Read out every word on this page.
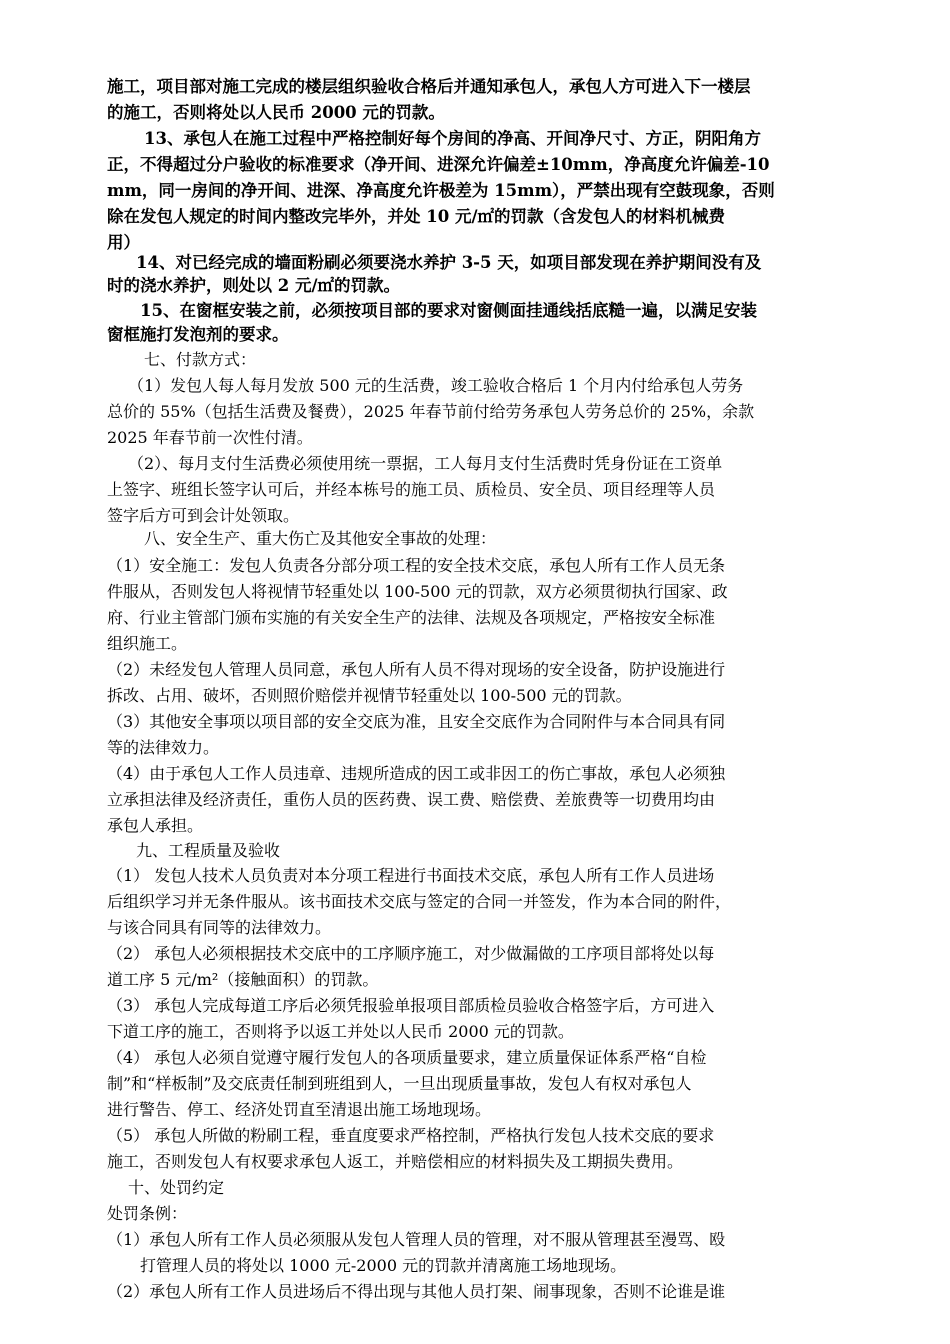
施工，项目部对施工完成的楼层组织验收合格后并通知承包人，承包人方可进入下一楼层
的施工，否则将处以人民币 2000 元的罚款。
13、承包人在施工过程中严格控制好每个房间的净高、开间净尺寸、方正，阴阳角方
正，不得超过分户验收的标准要求（净开间、进深允许偏差±10mm，净高度允许偏差-10
mm，同一房间的净开间、进深、净高度允许极差为 15mm），严禁出现有空鼓现象，否则
除在发包人规定的时间内整改完毕外，并处 10 元/㎡的罚款（含发包人的材料机械费
用）
14、对已经完成的墙面粉刷必须要浇水养护 3-5 天，如项目部发现在养护期间没有及
时的浇水养护，则处以 2 元/㎡的罚款。
15、在窗框安装之前，必须按项目部的要求对窗侧面挂通线括底糙一遍，以满足安装
窗框施打发泡剂的要求。
七、付款方式：
（1）发包人每人每月发放 500 元的生活费，竣工验收合格后 1 个月内付给承包人劳务
总价的 55%（包括生活费及餐费），2025 年春节前付给劳务承包人劳务总价的 25%，余款
2025 年春节前一次性付清。
（2）、每月支付生活费必须使用统一票据，工人每月支付生活费时凭身份证在工资单
上签字、班组长签字认可后，并经本栋号的施工员、质检员、安全员、项目经理等人员
签字后方可到会计处领取。
八、安全生产、重大伤亡及其他安全事故的处理：
（1）安全施工：发包人负责各分部分项工程的安全技术交底，承包人所有工作人员无条
件服从，否则发包人将视情节轻重处以 100-500 元的罚款，双方必须贯彻执行国家、政
府、行业主管部门颁布实施的有关安全生产的法律、法规及各项规定，严格按安全标准
组织施工。
（2）未经发包人管理人员同意，承包人所有人员不得对现场的安全设备，防护设施进行
拆改、占用、破坏，否则照价赔偿并视情节轻重处以 100-500 元的罚款。
（3）其他安全事项以项目部的安全交底为准，且安全交底作为合同附件与本合同具有同
等的法律效力。
（4）由于承包人工作人员违章、违规所造成的因工或非因工的伤亡事故，承包人必须独
立承担法律及经济责任，重伤人员的医药费、误工费、赔偿费、差旅费等一切费用均由
承包人承担。
九、工程质量及验收
（1） 发包人技术人员负责对本分项工程进行书面技术交底，承包人所有工作人员进场
后组织学习并无条件服从。该书面技术交底与签定的合同一并签发，作为本合同的附件，
与该合同具有同等的法律效力。
（2） 承包人必须根据技术交底中的工序顺序施工，对少做漏做的工序项目部将处以每
道工序 5 元/m²（接触面积）的罚款。
（3） 承包人完成每道工序后必须凭报验单报项目部质检员验收合格签字后，方可进入
下道工序的施工，否则将予以返工并处以人民币 2000 元的罚款。
（4） 承包人必须自觉遵守履行发包人的各项质量要求，建立质量保证体系严格“自检
制”和“样板制”及交底责任制到班组到人，一旦出现质量事故，发包人有权对承包人
进行警告、停工、经济处罚直至清退出施工场地现场。
（5） 承包人所做的粉刷工程，垂直度要求严格控制，严格执行发包人技术交底的要求
施工，否则发包人有权要求承包人返工，并赔偿相应的材料损失及工期损失费用。
十、处罚约定
处罚条例：
（1）承包人所有工作人员必须服从发包人管理人员的管理，对不服从管理甚至漫骂、殴
打管理人员的将处以 1000 元-2000 元的罚款并清离施工场地现场。
（2）承包人所有工作人员进场后不得出现与其他人员打架、闹事现象，否则不论谁是谁
